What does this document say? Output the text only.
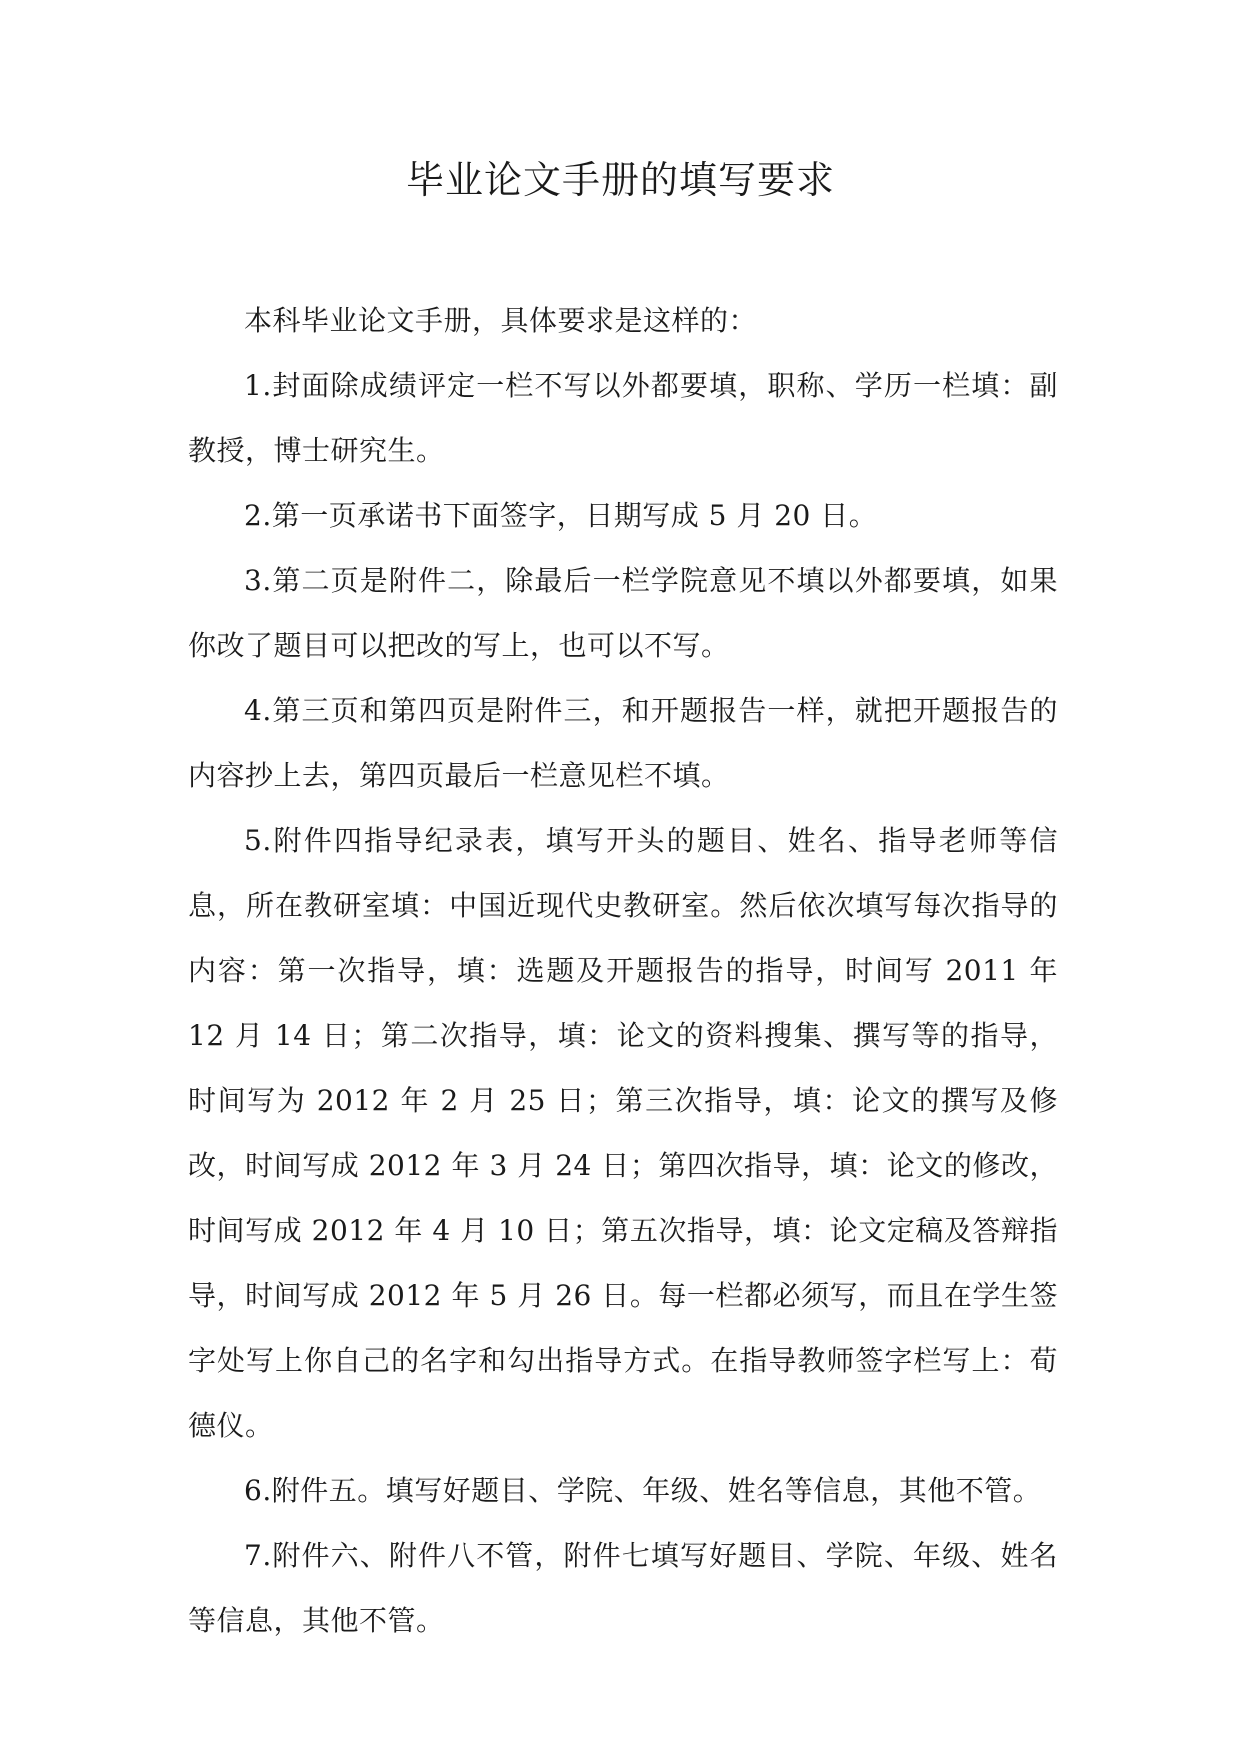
毕业论文手册的填写要求

本科毕业论文手册，具体要求是这样的：

1.封面除成绩评定一栏不写以外都要填，职称、学历一栏填：副教授，博士研究生。

2.第一页承诺书下面签字，日期写成 5 月 20 日。

3.第二页是附件二，除最后一栏学院意见不填以外都要填，如果你改了题目可以把改的写上，也可以不写。

4.第三页和第四页是附件三，和开题报告一样，就把开题报告的内容抄上去，第四页最后一栏意见栏不填。

5.附件四指导纪录表，填写开头的题目、姓名、指导老师等信息，所在教研室填：中国近现代史教研室。然后依次填写每次指导的内容：第一次指导，填：选题及开题报告的指导，时间写 2011 年 12 月 14 日；第二次指导，填：论文的资料搜集、撰写等的指导，时间写为 2012 年 2 月 25 日；第三次指导，填：论文的撰写及修改，时间写成 2012 年 3 月 24 日；第四次指导，填：论文的修改，时间写成 2012 年 4 月 10 日；第五次指导，填：论文定稿及答辩指导，时间写成 2012 年 5 月 26 日。每一栏都必须写，而且在学生签字处写上你自己的名字和勾出指导方式。在指导教师签字栏写上：荀德仪。

6.附件五。填写好题目、学院、年级、姓名等信息，其他不管。

7.附件六、附件八不管，附件七填写好题目、学院、年级、姓名等信息，其他不管。
